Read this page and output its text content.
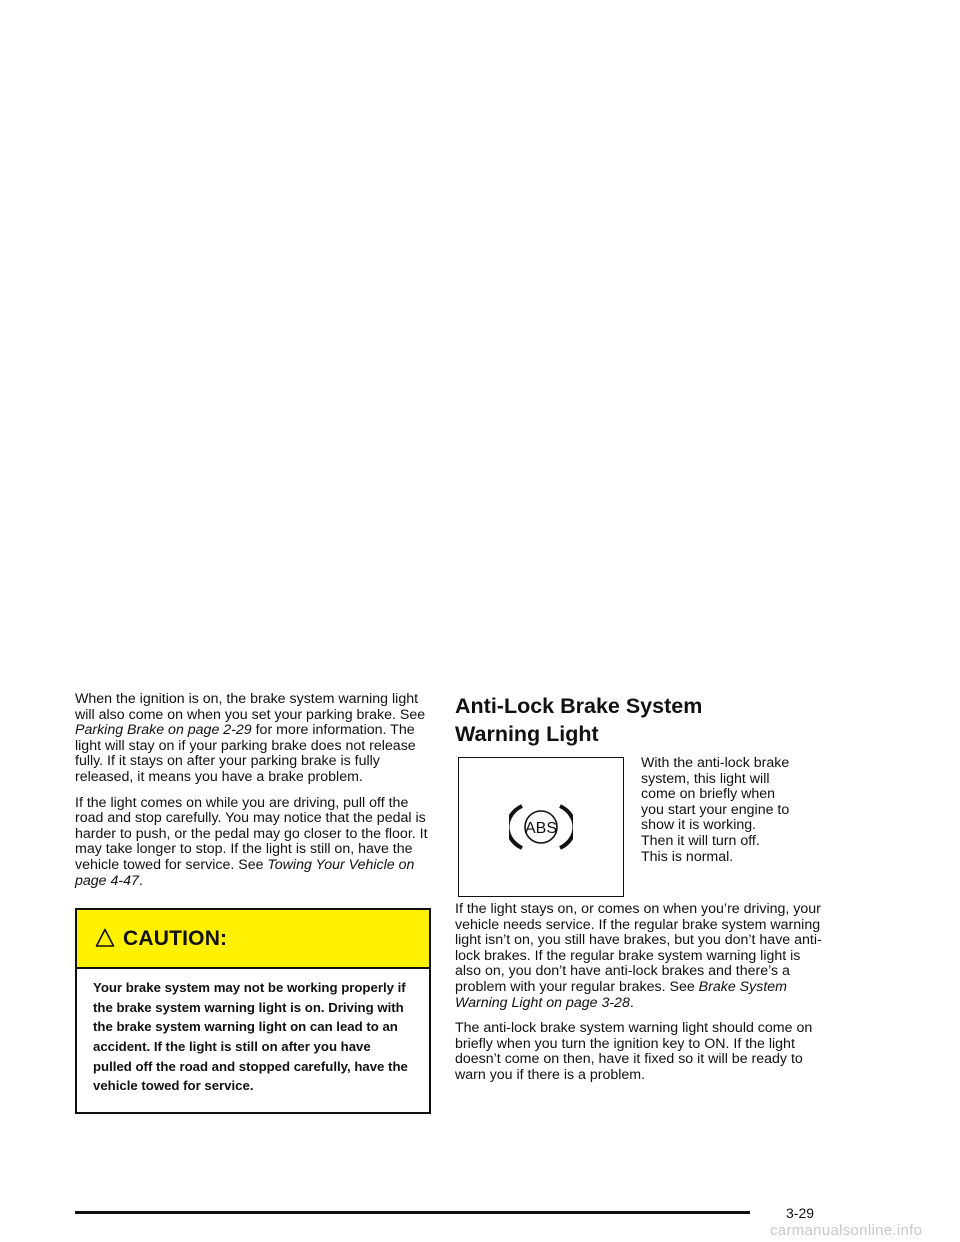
When the ignition is on, the brake system warning light will also come on when you set your parking brake. See Parking Brake on page 2-29 for more information. The light will stay on if your parking brake does not release fully. If it stays on after your parking brake is fully released, it means you have a brake problem.

If the light comes on while you are driving, pull off the road and stop carefully. You may notice that the pedal is harder to push, or the pedal may go closer to the floor. It may take longer to stop. If the light is still on, have the vehicle towed for service. See Towing Your Vehicle on page 4-47.

CAUTION:
Your brake system may not be working properly if the brake system warning light is on. Driving with the brake system warning light on can lead to an accident. If the light is still on after you have pulled off the road and stopped carefully, have the vehicle towed for service.
Anti-Lock Brake System
Warning Light
ABS
With the anti-lock brake
system, this light will
come on briefly when
you start your engine to
show it is working.
Then it will turn off.
This is normal.

If the light stays on, or comes on when you’re driving, your vehicle needs service. If the regular brake system warning light isn’t on, you still have brakes, but you don’t have anti-lock brakes. If the regular brake system warning light is also on, you don’t have anti-lock brakes and there’s a problem with your regular brakes. See Brake System Warning Light on page 3-28.

The anti-lock brake system warning light should come on briefly when you turn the ignition key to ON. If the light doesn’t come on then, have it fixed so it will be ready to warn you if there is a problem.

3-29
carmanualsonline.info
